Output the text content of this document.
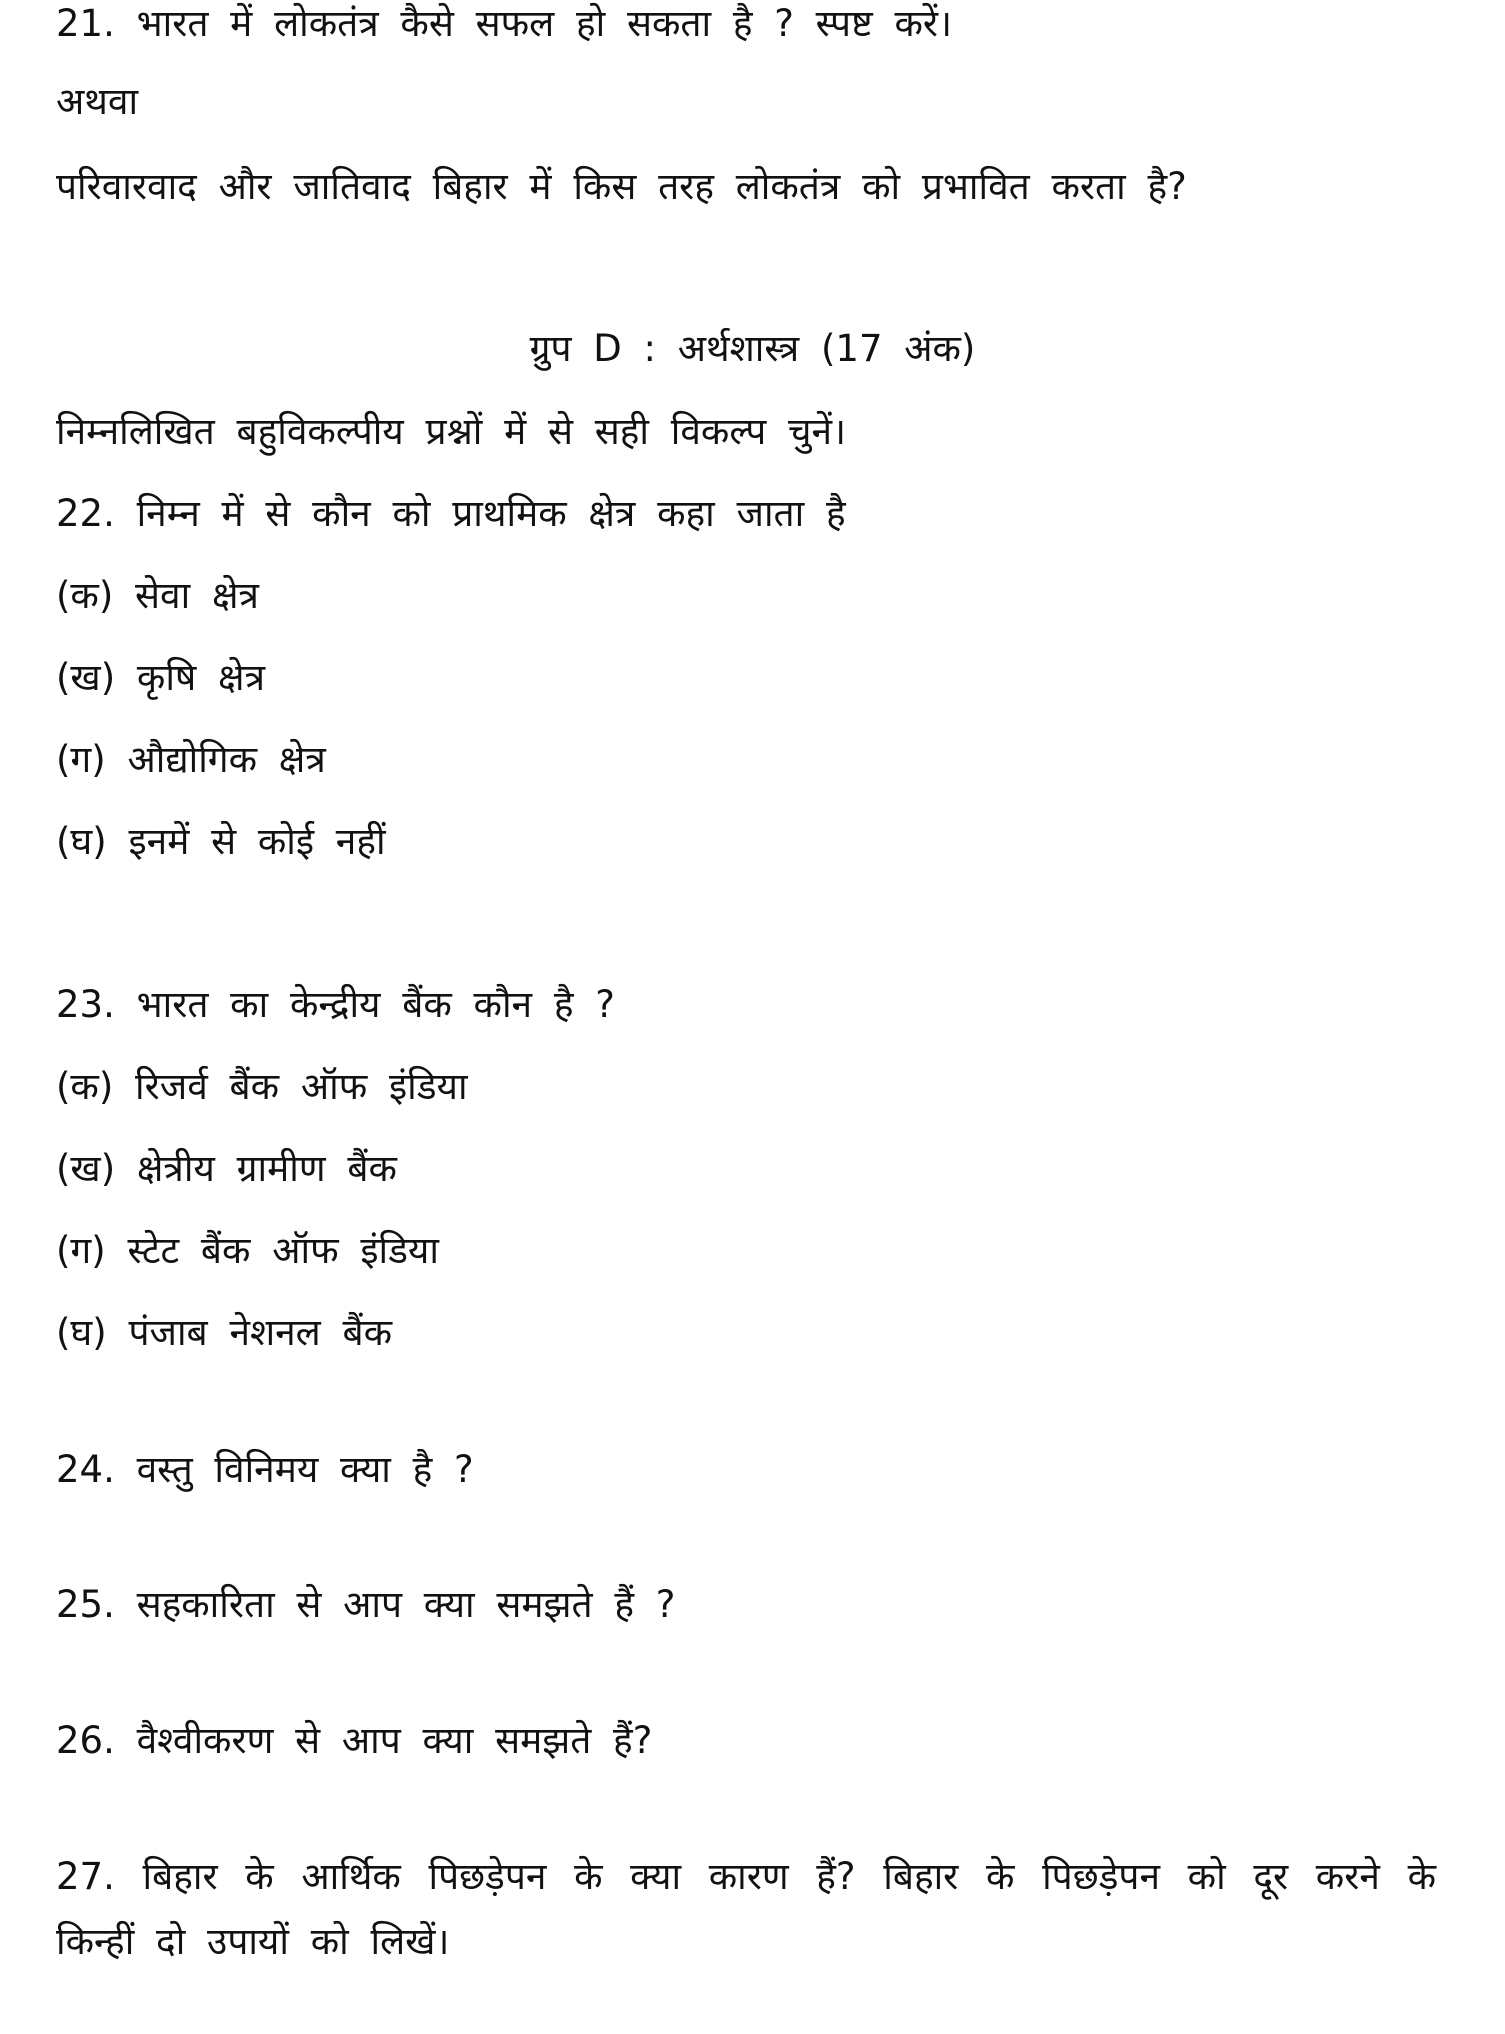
21. भारत में लोकतंत्र कैसे सफल हो सकता है ? स्पष्ट करें।
अथवा
परिवारवाद और जातिवाद बिहार में किस तरह लोकतंत्र को प्रभावित करता है?
ग्रुप D : अर्थशास्त्र (17 अंक)
निम्नलिखित बहुविकल्पीय प्रश्नों में से सही विकल्प चुनें।
22. निम्न में से कौन को प्राथमिक क्षेत्र कहा जाता है
(क) सेवा क्षेत्र
(ख) कृषि क्षेत्र
(ग) औद्योगिक क्षेत्र
(घ) इनमें से कोई नहीं
23. भारत का केन्द्रीय बैंक कौन है ?
(क) रिजर्व बैंक ऑफ इंडिया
(ख) क्षेत्रीय ग्रामीण बैंक
(ग) स्टेट बैंक ऑफ इंडिया
(घ) पंजाब नेशनल बैंक
24. वस्तु विनिमय क्या है ?
25. सहकारिता से आप क्या समझते हैं ?
26. वैश्वीकरण से आप क्या समझते हैं?
27. बिहार के आर्थिक पिछड़ेपन के क्या कारण हैं? बिहार के पिछड़ेपन को दूर करने के
किन्हीं दो उपायों को लिखें।
